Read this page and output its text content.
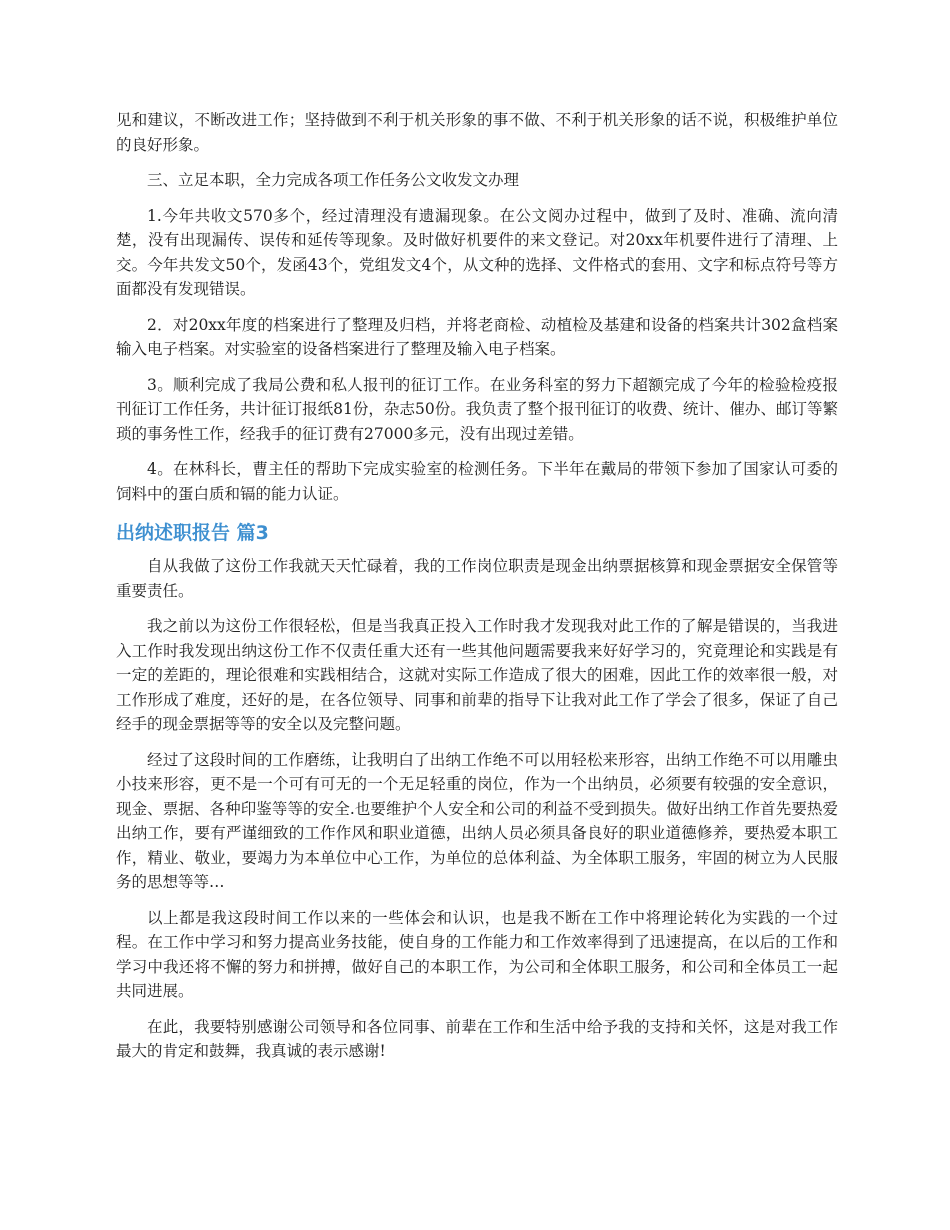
见和建议，不断改进工作；坚持做到不利于机关形象的事不做、不利于机关形象的话不说，积极维护单位的良好形象。

三、立足本职，全力完成各项工作任务公文收发文办理

1.今年共收文570多个，经过清理没有遗漏现象。在公文阅办过程中，做到了及时、准确、流向清楚，没有出现漏传、误传和延传等现象。及时做好机要件的来文登记。对20xx年机要件进行了清理、上交。今年共发文50个，发函43个，党组发文4个，从文种的选择、文件格式的套用、文字和标点符号等方面都没有发现错误。

2．对20xx年度的档案进行了整理及归档，并将老商检、动植检及基建和设备的档案共计302盒档案输入电子档案。对实验室的设备档案进行了整理及输入电子档案。

3。顺利完成了我局公费和私人报刊的征订工作。在业务科室的努力下超额完成了今年的检验检疫报刊征订工作任务，共计征订报纸81份，杂志50份。我负责了整个报刊征订的收费、统计、催办、邮订等繁琐的事务性工作，经我手的征订费有27000多元，没有出现过差错。

4。在林科长，曹主任的帮助下完成实验室的检测任务。下半年在戴局的带领下参加了国家认可委的饲料中的蛋白质和镉的能力认证。

出纳述职报告 篇3

自从我做了这份工作我就天天忙碌着，我的工作岗位职责是现金出纳票据核算和现金票据安全保管等重要责任。

我之前以为这份工作很轻松，但是当我真正投入工作时我才发现我对此工作的了解是错误的，当我进入工作时我发现出纳这份工作不仅责任重大还有一些其他问题需要我来好好学习的，究竟理论和实践是有一定的差距的，理论很难和实践相结合，这就对实际工作造成了很大的困难，因此工作的效率很一般，对工作形成了难度，还好的是，在各位领导、同事和前辈的指导下让我对此工作了学会了很多，保证了自己经手的现金票据等等的安全以及完整问题。

经过了这段时间的工作磨练，让我明白了出纳工作绝不可以用轻松来形容，出纳工作绝不可以用雕虫小技来形容，更不是一个可有可无的一个无足轻重的岗位，作为一个出纳员，必须要有较强的安全意识，现金、票据、各种印鉴等等的安全.也要维护个人安全和公司的利益不受到损失。做好出纳工作首先要热爱出纳工作，要有严谨细致的工作作风和职业道德，出纳人员必须具备良好的职业道德修养，要热爱本职工作，精业、敬业，要竭力为本单位中心工作，为单位的总体利益、为全体职工服务，牢固的树立为人民服务的思想等等…

以上都是我这段时间工作以来的一些体会和认识，也是我不断在工作中将理论转化为实践的一个过程。在工作中学习和努力提高业务技能，使自身的工作能力和工作效率得到了迅速提高，在以后的工作和学习中我还将不懈的努力和拼搏，做好自己的本职工作，为公司和全体职工服务，和公司和全体员工一起共同进展。

在此，我要特别感谢公司领导和各位同事、前辈在工作和生活中给予我的支持和关怀，这是对我工作最大的肯定和鼓舞，我真诚的表示感谢!
